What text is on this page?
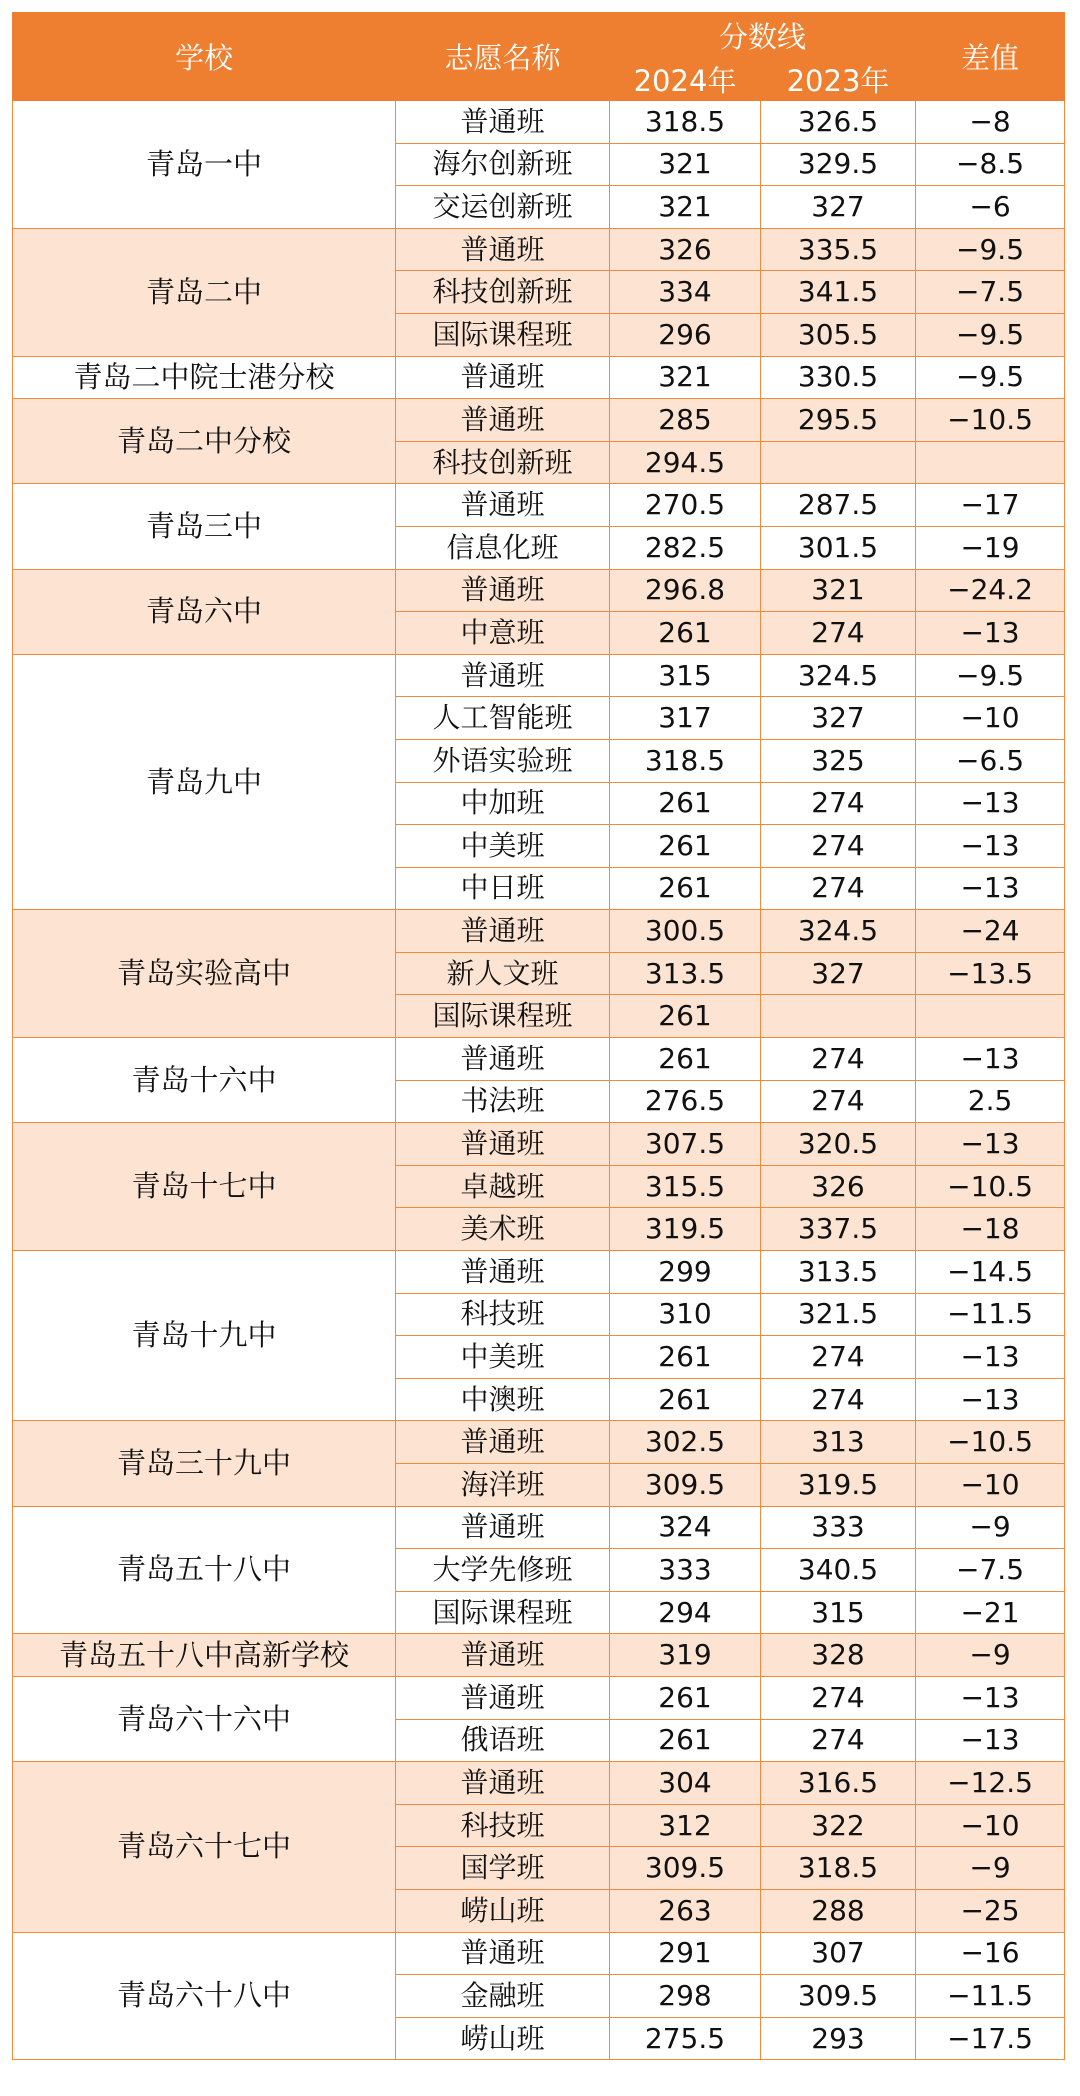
学校	志愿名称	分数线		差值
		2024年	2023年	
青岛一中	普通班	318.5	326.5	−8
	海尔创新班	321	329.5	−8.5
	交运创新班	321	327	−6
青岛二中	普通班	326	335.5	−9.5
	科技创新班	334	341.5	−7.5
	国际课程班	296	305.5	−9.5
青岛二中院士港分校	普通班	321	330.5	−9.5
青岛二中分校	普通班	285	295.5	−10.5
	科技创新班	294.5		
青岛三中	普通班	270.5	287.5	−17
	信息化班	282.5	301.5	−19
青岛六中	普通班	296.8	321	−24.2
	中意班	261	274	−13
青岛九中	普通班	315	324.5	−9.5
	人工智能班	317	327	−10
	外语实验班	318.5	325	−6.5
	中加班	261	274	−13
	中美班	261	274	−13
	中日班	261	274	−13
青岛实验高中	普通班	300.5	324.5	−24
	新人文班	313.5	327	−13.5
	国际课程班	261		
青岛十六中	普通班	261	274	−13
	书法班	276.5	274	2.5
青岛十七中	普通班	307.5	320.5	−13
	卓越班	315.5	326	−10.5
	美术班	319.5	337.5	−18
青岛十九中	普通班	299	313.5	−14.5
	科技班	310	321.5	−11.5
	中美班	261	274	−13
	中澳班	261	274	−13
青岛三十九中	普通班	302.5	313	−10.5
	海洋班	309.5	319.5	−10
青岛五十八中	普通班	324	333	−9
	大学先修班	333	340.5	−7.5
	国际课程班	294	315	−21
青岛五十八中高新学校	普通班	319	328	−9
青岛六十六中	普通班	261	274	−13
	俄语班	261	274	−13
青岛六十七中	普通班	304	316.5	−12.5
	科技班	312	322	−10
	国学班	309.5	318.5	−9
	崂山班	263	288	−25
青岛六十八中	普通班	291	307	−16
	金融班	298	309.5	−11.5
	崂山班	275.5	293	−17.5
